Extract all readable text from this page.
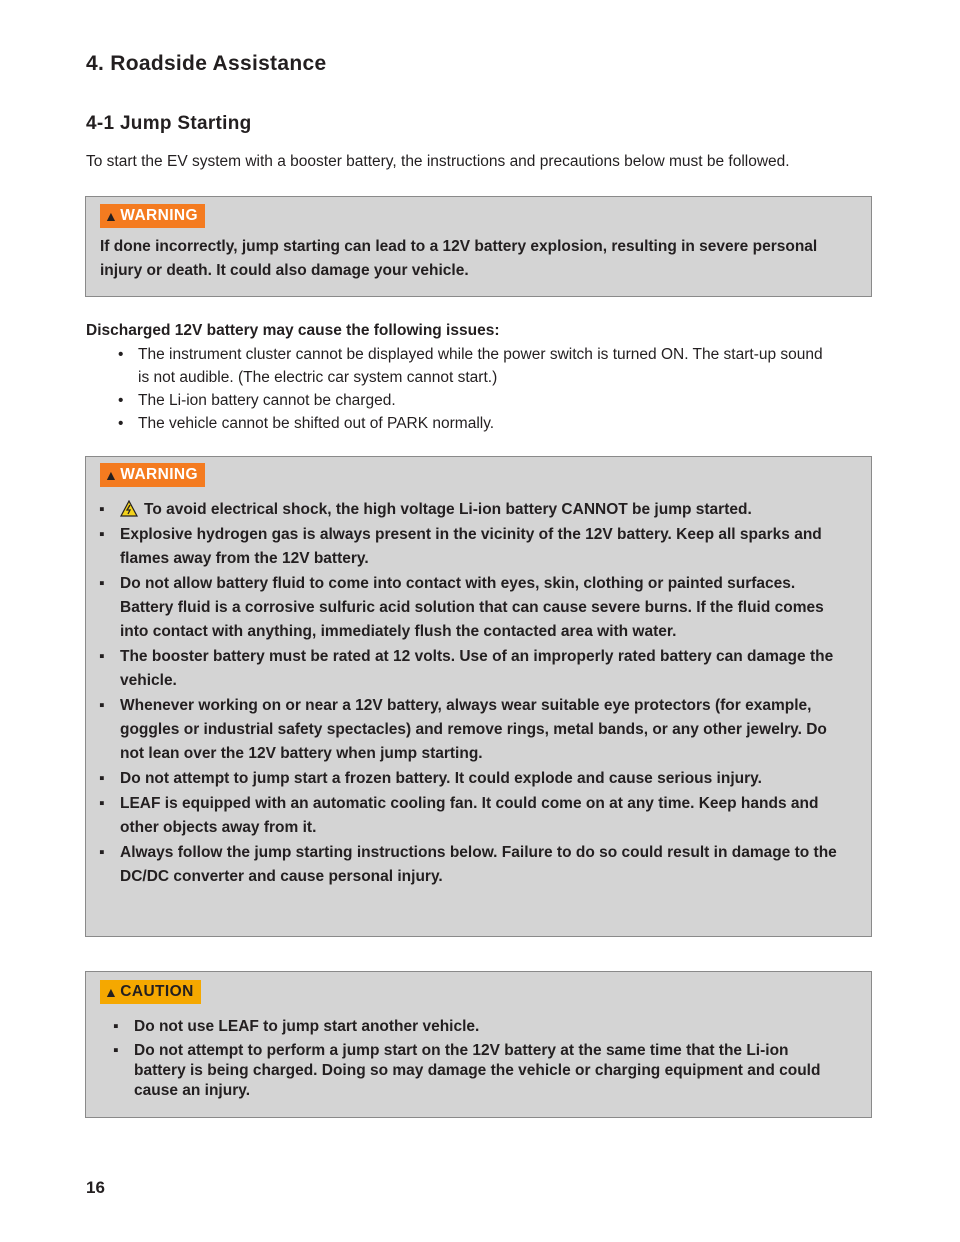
4. Roadside Assistance
4-1 Jump Starting
To start the EV system with a booster battery, the instructions and precautions below must be followed.
▲ WARNING
If done incorrectly, jump starting can lead to a 12V battery explosion, resulting in severe personal injury or death. It could also damage your vehicle.
Discharged 12V battery may cause the following issues:
• The instrument cluster cannot be displayed while the power switch is turned ON. The start-up sound is not audible. (The electric car system cannot start.)
• The Li-ion battery cannot be charged.
• The vehicle cannot be shifted out of PARK normally.
▲ WARNING
▪	To avoid electrical shock, the high voltage Li-ion battery CANNOT be jump started.
▪ Explosive hydrogen gas is always present in the vicinity of the 12V battery. Keep all sparks and flames away from the 12V battery.
▪ Do not allow battery fluid to come into contact with eyes, skin, clothing or painted surfaces. Battery fluid is a corrosive sulfuric acid solution that can cause severe burns. If the fluid comes into contact with anything, immediately flush the contacted area with water.
▪ The booster battery must be rated at 12 volts. Use of an improperly rated battery can damage the vehicle.
▪ Whenever working on or near a 12V battery, always wear suitable eye protectors (for example, goggles or industrial safety spectacles) and remove rings, metal bands, or any other jewelry. Do not lean over the 12V battery when jump starting.
▪ Do not attempt to jump start a frozen battery. It could explode and cause serious injury.
▪ LEAF is equipped with an automatic cooling fan. It could come on at any time. Keep hands and other objects away from it.
▪ Always follow the jump starting instructions below. Failure to do so could result in damage to the DC/DC converter and cause personal injury.
▲ CAUTION
▪ Do not use LEAF to jump start another vehicle.
▪ Do not attempt to perform a jump start on the 12V battery at the same time that the Li-ion battery is being charged. Doing so may damage the vehicle or charging equipment and could cause an injury.
16
